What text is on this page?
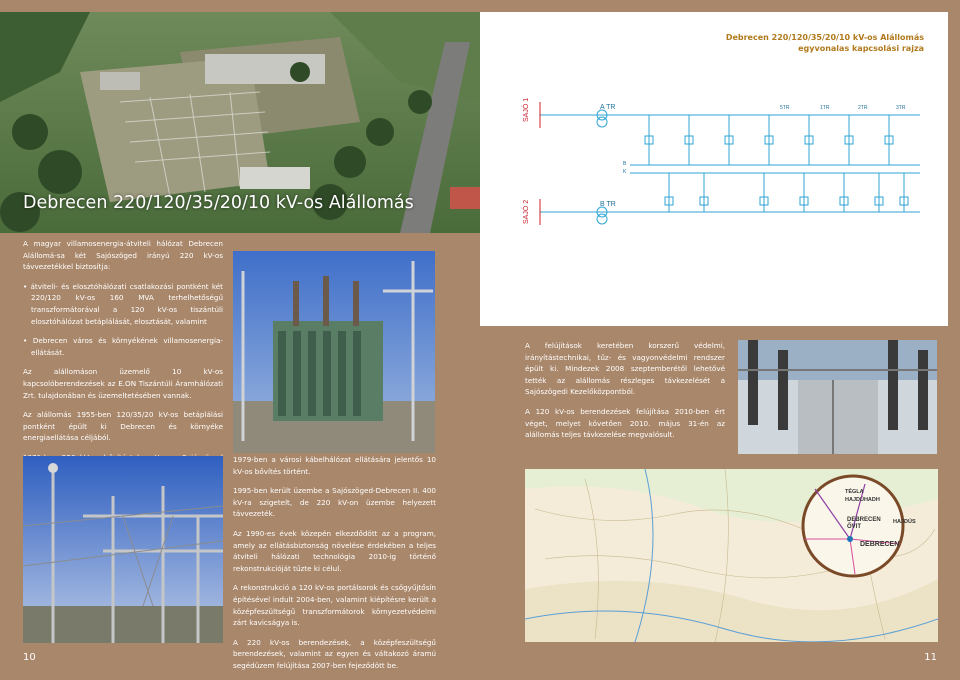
Debrecen 220/120/35/20/10 kV-os Alállomás
Debrecen 220/120/35/20/10 kV-os Alállomás
egyvonalas kapcsolási rajza
SAJÓ 1
SAJÓ 2
A TR
B TR
5TR	1TR	2TR	3TR
B
K

A magyar villamosenergia-átviteli hálózat Debrecen Alállomá-sa két Sajószöged irányú 220 kV-os távvezetékkel biztosítja:

• átviteli- és elosztóhálózati csatlakozási pontként két 220/120 kV-os 160 MVA terhelhetőségű transzformátorával a 120 kV-os tiszántúli elosztóhálózat betáplálását, elosztását, valamint

• Debrecen város és környékének villamosenergia-ellátását.

Az alállomáson üzemelő 10 kV-os kapcsolóberendezések az E.ON Tiszántúli Áramhálózati Zrt. tulajdonában és üzemeltetésében vannak.

Az alállomás 1955-ben 120/35/20 kV-os betáplálási pontként épült ki Debrecen és környéke energiaellátása céljából.

1979-ben a városi kábelhálózat ellátására jelentős 10 kV-os bővítés történt.

1995-ben került üzembe a Sajószöged-Debrecen II. 400 kV-ra szigetelt, de 220 kV-on üzembe helyezett távvezeték.

Az 1990-es évek közepén elkezdődött az a program, amely az ellátásbiztonság növelése érdekében a teljes átviteli hálózati technológia 2010-ig történő rekonstrukcióját tűzte ki célul.

A rekonstrukció a 120 kV-os portálsorok és csőgyűjtősín építésével indult 2004-ben, valamint kiépítésre került a középfeszültségű transzformátorok környezetvédelmi zárt kavicságya is.

A 220 kV-os berendezések, a középfeszültségű berendezések, valamint az egyen és váltakozó áramú segédüzem felújítása 2007-ben fejeződött be.

A felújítások keretében korszerű védelmi, irányítástechnikai, tűz- és vagyonvédelmi rendszer épült ki. Mindezek 2008 szeptemberétől lehetővé tették az alállomás részleges távkezelését a Sajószögedi Kezelőközpontból.

A 120 kV-os berendezések felújítása 2010-ben ért véget, melyet követően 2010. május 31-én az alállomás teljes távkezelése megvalósult.

TÉGLA
HAJDÚHADH
DEBRECEN ŐVIT
HAJDÚS
DEBRECEN
10	11
